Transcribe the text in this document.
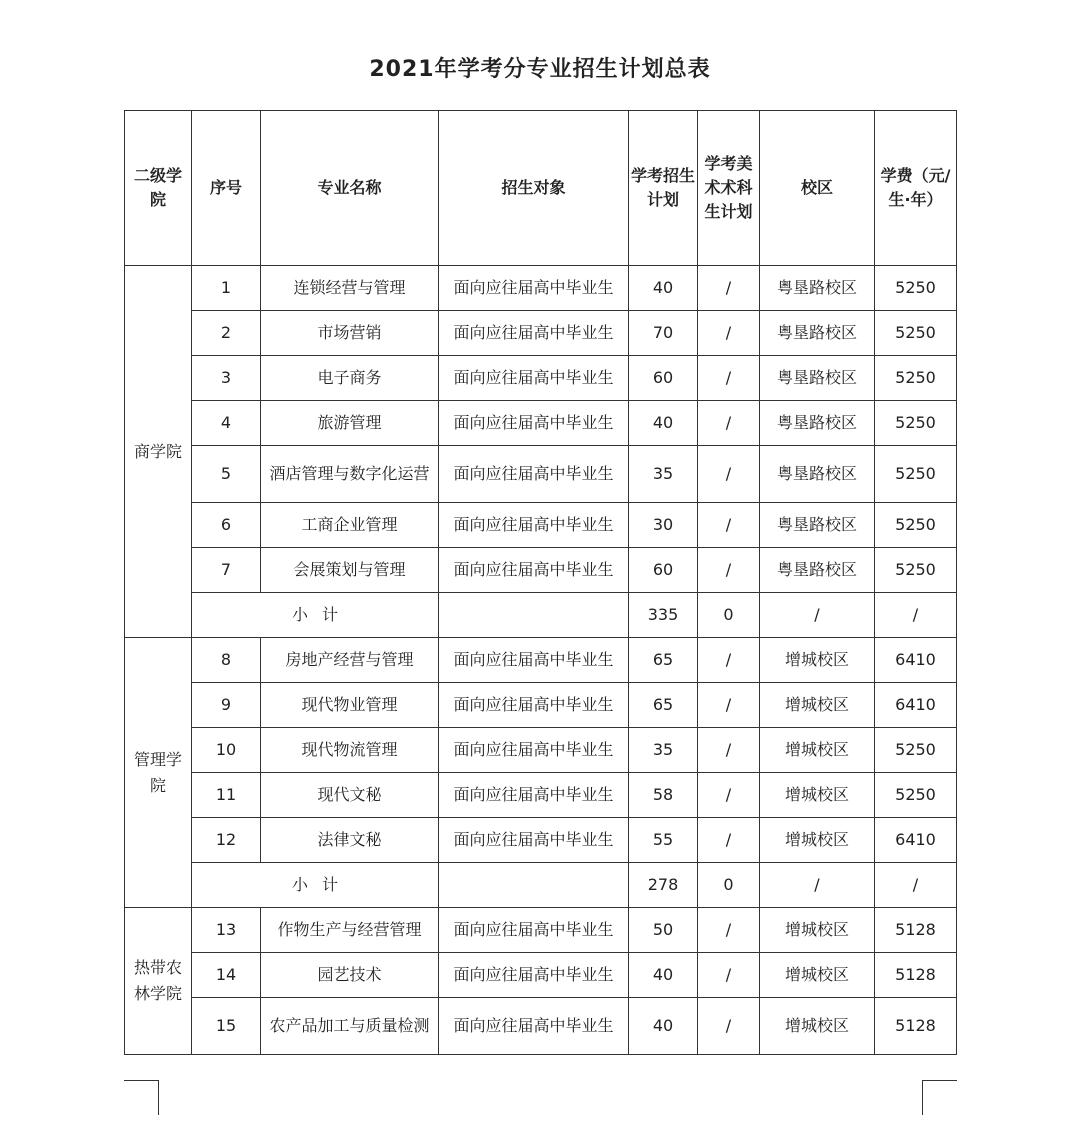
2021年学考分专业招生计划总表
二级学院	序号	专业名称	招生对象	学考招生计划	学考美术术科生计划	校区	学费（元/生·年）
商学院	1	连锁经营与管理	面向应往届高中毕业生	40	/	粤垦路校区	5250
	2	市场营销	面向应往届高中毕业生	70	/	粤垦路校区	5250
	3	电子商务	面向应往届高中毕业生	60	/	粤垦路校区	5250
	4	旅游管理	面向应往届高中毕业生	40	/	粤垦路校区	5250
	5	酒店管理与数字化运营	面向应往届高中毕业生	35	/	粤垦路校区	5250
	6	工商企业管理	面向应往届高中毕业生	30	/	粤垦路校区	5250
	7	会展策划与管理	面向应往届高中毕业生	60	/	粤垦路校区	5250
	小 计			335	0	/	/
管理学院	8	房地产经营与管理	面向应往届高中毕业生	65	/	增城校区	6410
	9	现代物业管理	面向应往届高中毕业生	65	/	增城校区	6410
	10	现代物流管理	面向应往届高中毕业生	35	/	增城校区	5250
	11	现代文秘	面向应往届高中毕业生	58	/	增城校区	5250
	12	法律文秘	面向应往届高中毕业生	55	/	增城校区	6410
	小 计			278	0	/	/
热带农林学院	13	作物生产与经营管理	面向应往届高中毕业生	50	/	增城校区	5128
	14	园艺技术	面向应往届高中毕业生	40	/	增城校区	5128
	15	农产品加工与质量检测	面向应往届高中毕业生	40	/	增城校区	5128
